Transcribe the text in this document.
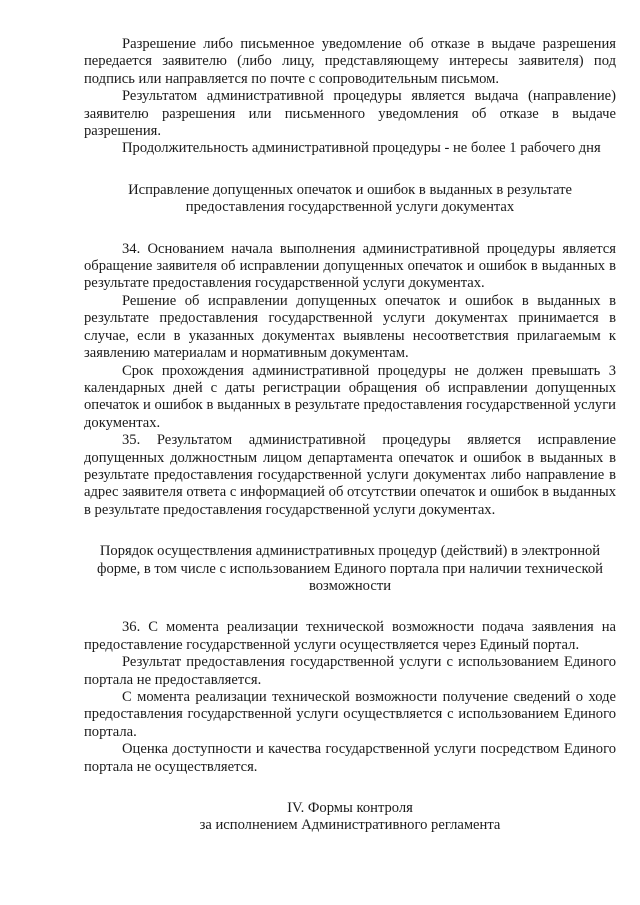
Разрешение либо письменное уведомление об отказе в выдаче разрешения передается заявителю (либо лицу, представляющему интересы заявителя) под подпись или направляется по почте с сопроводительным письмом.

Результатом административной процедуры является выдача (направление) заявителю разрешения или письменного уведомления об отказе в выдаче разрешения.

Продолжительность административной процедуры - не более 1 рабочего дня

Исправление допущенных опечаток и ошибок в выданных в результате предоставления государственной услуги документах

34. Основанием начала выполнения административной процедуры является обращение заявителя об исправлении допущенных опечаток и ошибок в выданных в результате предоставления государственной услуги документах.

Решение об исправлении допущенных опечаток и ошибок в выданных в результате предоставления государственной услуги документах принимается в случае, если в указанных документах выявлены несоответствия прилагаемым к заявлению материалам и нормативным документам.

Срок прохождения административной процедуры не должен превышать 3 календарных дней с даты регистрации обращения об исправлении допущенных опечаток и ошибок в выданных в результате предоставления государственной услуги документах.

35. Результатом административной процедуры является исправление допущенных должностным лицом департамента опечаток и ошибок в выданных в результате предоставления государственной услуги документах либо направление в адрес заявителя ответа с информацией об отсутствии опечаток и ошибок в выданных в результате предоставления государственной услуги документах.

Порядок осуществления административных процедур (действий) в электронной форме, в том числе с использованием Единого портала при наличии технической возможности

36. С момента реализации технической возможности подача заявления на предоставление государственной услуги осуществляется через Единый портал.

Результат предоставления государственной услуги с использованием Единого портала не предоставляется.

С момента реализации технической возможности получение сведений о ходе предоставления государственной услуги осуществляется с использованием Единого портала.

Оценка доступности и качества государственной услуги посредством Единого портала не осуществляется.

IV. Формы контроля

за исполнением Административного регламента
